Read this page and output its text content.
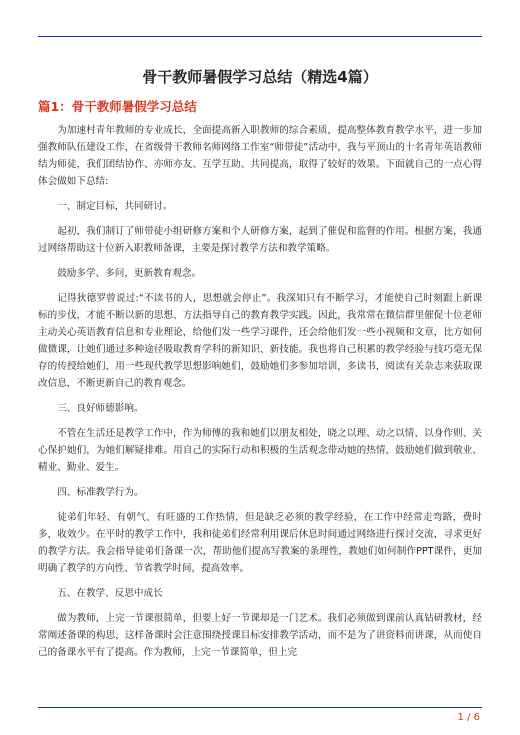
骨干教师暑假学习总结（精选4篇）
篇1：骨干教师暑假学习总结

为加速村青年教师的专业成长，全面提高新入职教师的综合素质，提高整体教育教学水平，进一步加强教师队伍建设工作，在省级骨干教师名师网络工作室“师带徒”活动中，我与平顶山的十名青年英语教师结为师徒，我们团结协作、亦师亦友、互学互助、共同提高，取得了较好的效果。下面就自己的一点心得体会做如下总结:

一、制定目标，共同研讨。

起初，我们制订了师带徒小组研修方案和个人研修方案，起到了催促和监督的作用。根据方案，我通过网络帮助这十位新入职教师备课，主要是探讨教学方法和教学策略。

鼓励多学、多问，更新教育观念。

记得狄德罗曾说过:“不读书的人，思想就会停止”。我深知只有不断学习，才能使自己时刻跟上新课标的步伐，才能不断以新的思想、方法指导自己的教育教学实践。因此，我常常在微信群里催促十位老师主动关心英语教育信息和专业理论，给他们发一些学习课件，还会给他们发一些小视频和文章，比方如何做微课，让她们通过多种途径吸取教育学科的新知识、新技能。我也将自己积累的教学经验与技巧毫无保存的传授给她们，用一些现代教学思想影响她们，鼓励她们多参加培训，多读书，阅读有关杂志来获取课改信息，不断更新自己的教育观念。

三、良好师德影响。

不管在生活还是教学工作中，作为师傅的我和她们以朋友相处，晓之以理、动之以情、以身作则、关心保护她们，为她们解疑排难。用自己的实际行动和积极的生活观念带动她的热情，鼓励她们做到敬业、精业、勤业、爱生。

四、标准教学行为。

徒弟们年轻、有朝气、有旺盛的工作热情，但是缺乏必须的教学经验，在工作中经常走弯路，费时多，收效少。在平时的教学工作中，我和徒弟们经常利用课后休息时间通过网络进行探讨交流，寻求更好的教学方法。我会指导徒弟们备课一次，帮助他们提高写教案的条理性，教她们如何制作PPT课件，更加明确了教学的方向性、节省教学时间，提高效率。

五、在教学、反思中成长

做为教师，上完一节课很简单，但要上好一节课却是一门艺术。我们必须做到课前认真钻研教材，经常阐述备课的构思，这样备课时会注意围绕授课目标安排教学活动，而不是为了讲资料而讲课，从而使自己的备课水平有了提高。作为教师，上完一节课简单，但上完

1 / 6
